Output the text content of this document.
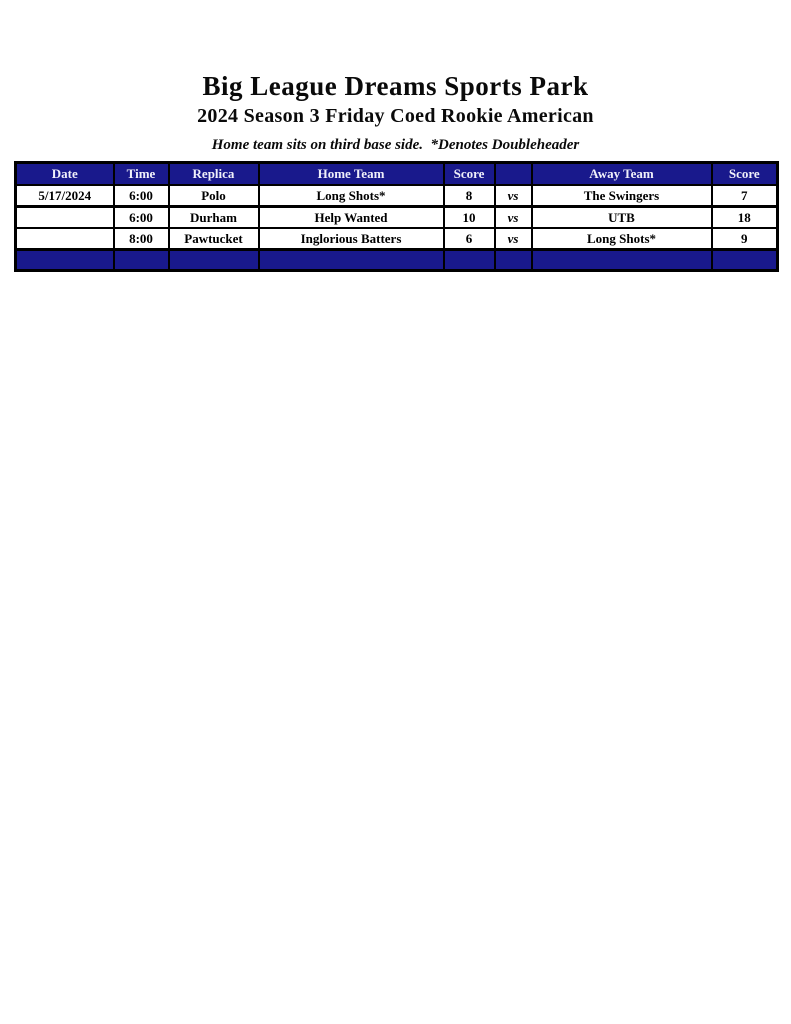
Big League Dreams Sports Park
2024 Season 3 Friday Coed Rookie American
Home team sits on third base side.  *Denotes Doubleheader
Date	Time	Replica	Home Team	Score		Away Team	Score
5/17/2024	6:00	Polo	Long Shots*	8	vs	The Swingers	7
	6:00	Durham	Help Wanted	10	vs	UTB	18
	8:00	Pawtucket	Inglorious Batters	6	vs	Long Shots*	9
